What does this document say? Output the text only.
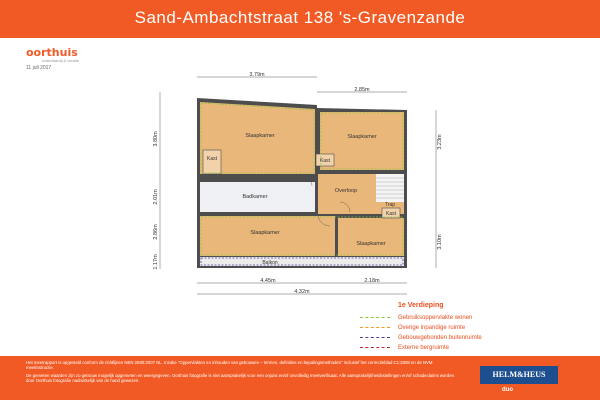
Sand-Ambachtstraat 138 's-Gravenzande
oorthuis
makelaardij & taxatie
11 juli 2017
3.79m
2.85m
3.80m
2.01m
2.86m
1.17m
3.23m
3.10m
4.45m	2.18m
4.32m
Slaapkamer	Slaapkamer
Kast	Kast
Badkamer
Overloop
Trap
Kast
Slaapkamer
Slaapkamer
Balkon
1e Verdieping
Gebruiksoppervlakte wonen
Overige inpandige ruimte
Gebouwgebonden buitenruimte
Externe bergruimte

Het meetrapport is opgesteld conform de richtlijnen NEN 2580:2007 NL. Inzake "Oppervlakten en inhouden van gebouwen – termen, definities en bepalingsmethoden" inclusief het correctieblad C1:2008 en de NVM meetinstructie.

De gemeten waarden zijn zo getrouw mogelijk opgemeten en weergegeven. Oorthuis fotografie is niet aansprakelijk voor een onjuist en/of onvolledig meetverificaat. Alle aansprakelijkheidsstellingen en/of schadeclaims worden door Oorthuis fotografie nadrukkelijk van de hand gewezen.

HELM&HEUS
duo
